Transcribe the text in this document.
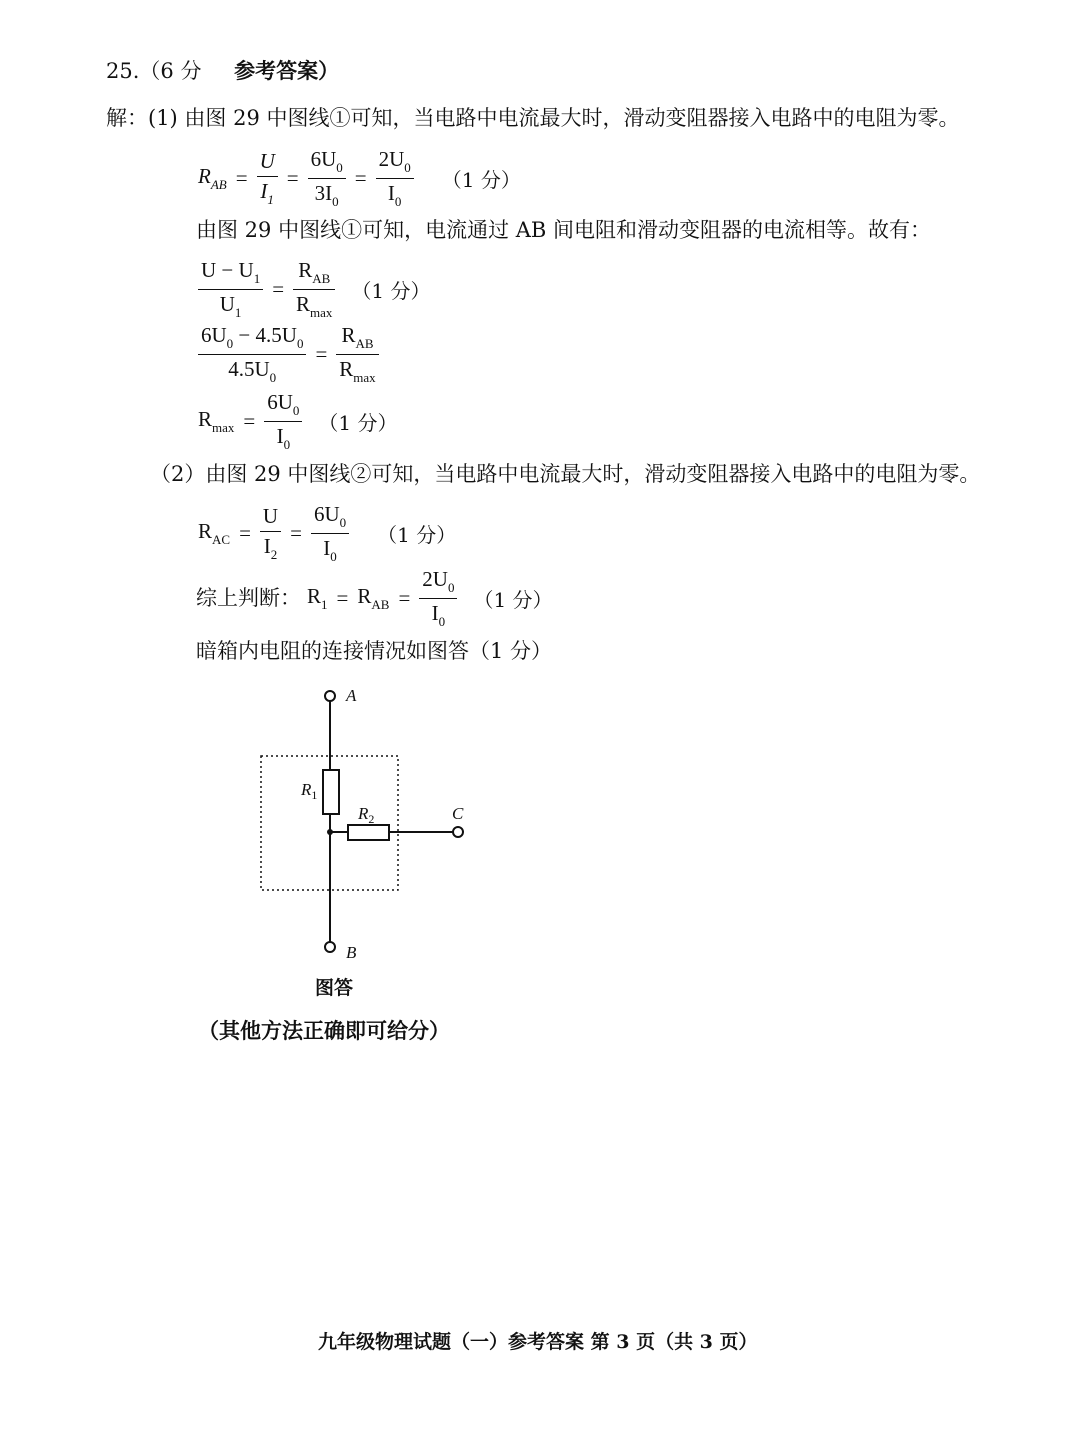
25.（6 分 参考答案）
解：(1) 由图 29 中图线①可知，当电路中电流最大时，滑动变阻器接入电路中的电阻为零。
$R_{AB} = \frac{U}{I_1} = \frac{6U_0}{3I_0} = \frac{2U_0}{I_0} (1$ 分）
由图 29 中图线①可知，电流通过 AB 间电阻和滑动变阻器的电流相等。故有：
$\frac{U - U_1}{U_1} = \frac{R_{AB}}{R_{max}} (1$ 分）
$\frac{6U_0 - 4.5U_0}{4.5U_0} = \frac{R_{AB}}{R_{max}}$
$R_{max} = \frac{6U_0}{I_0} (1$ 分）
（2）由图 29 中图线②可知，当电路中电流最大时，滑动变阻器接入电路中的电阻为零。
$R_{AC} = \frac{U}{I_2} = \frac{6U_0}{I_0} (1$ 分）
综上判断： $R_1 = R_{AB} = \frac{2U_0}{I_0} (1$ 分）
暗箱内电阻的连接情况如图答（1 分）
A
B
C
$R_1$
$R_2$
图答
（其他方法正确即可给分）
九年级物理试题（一）参考答案 第 3 页（共 3 页）
